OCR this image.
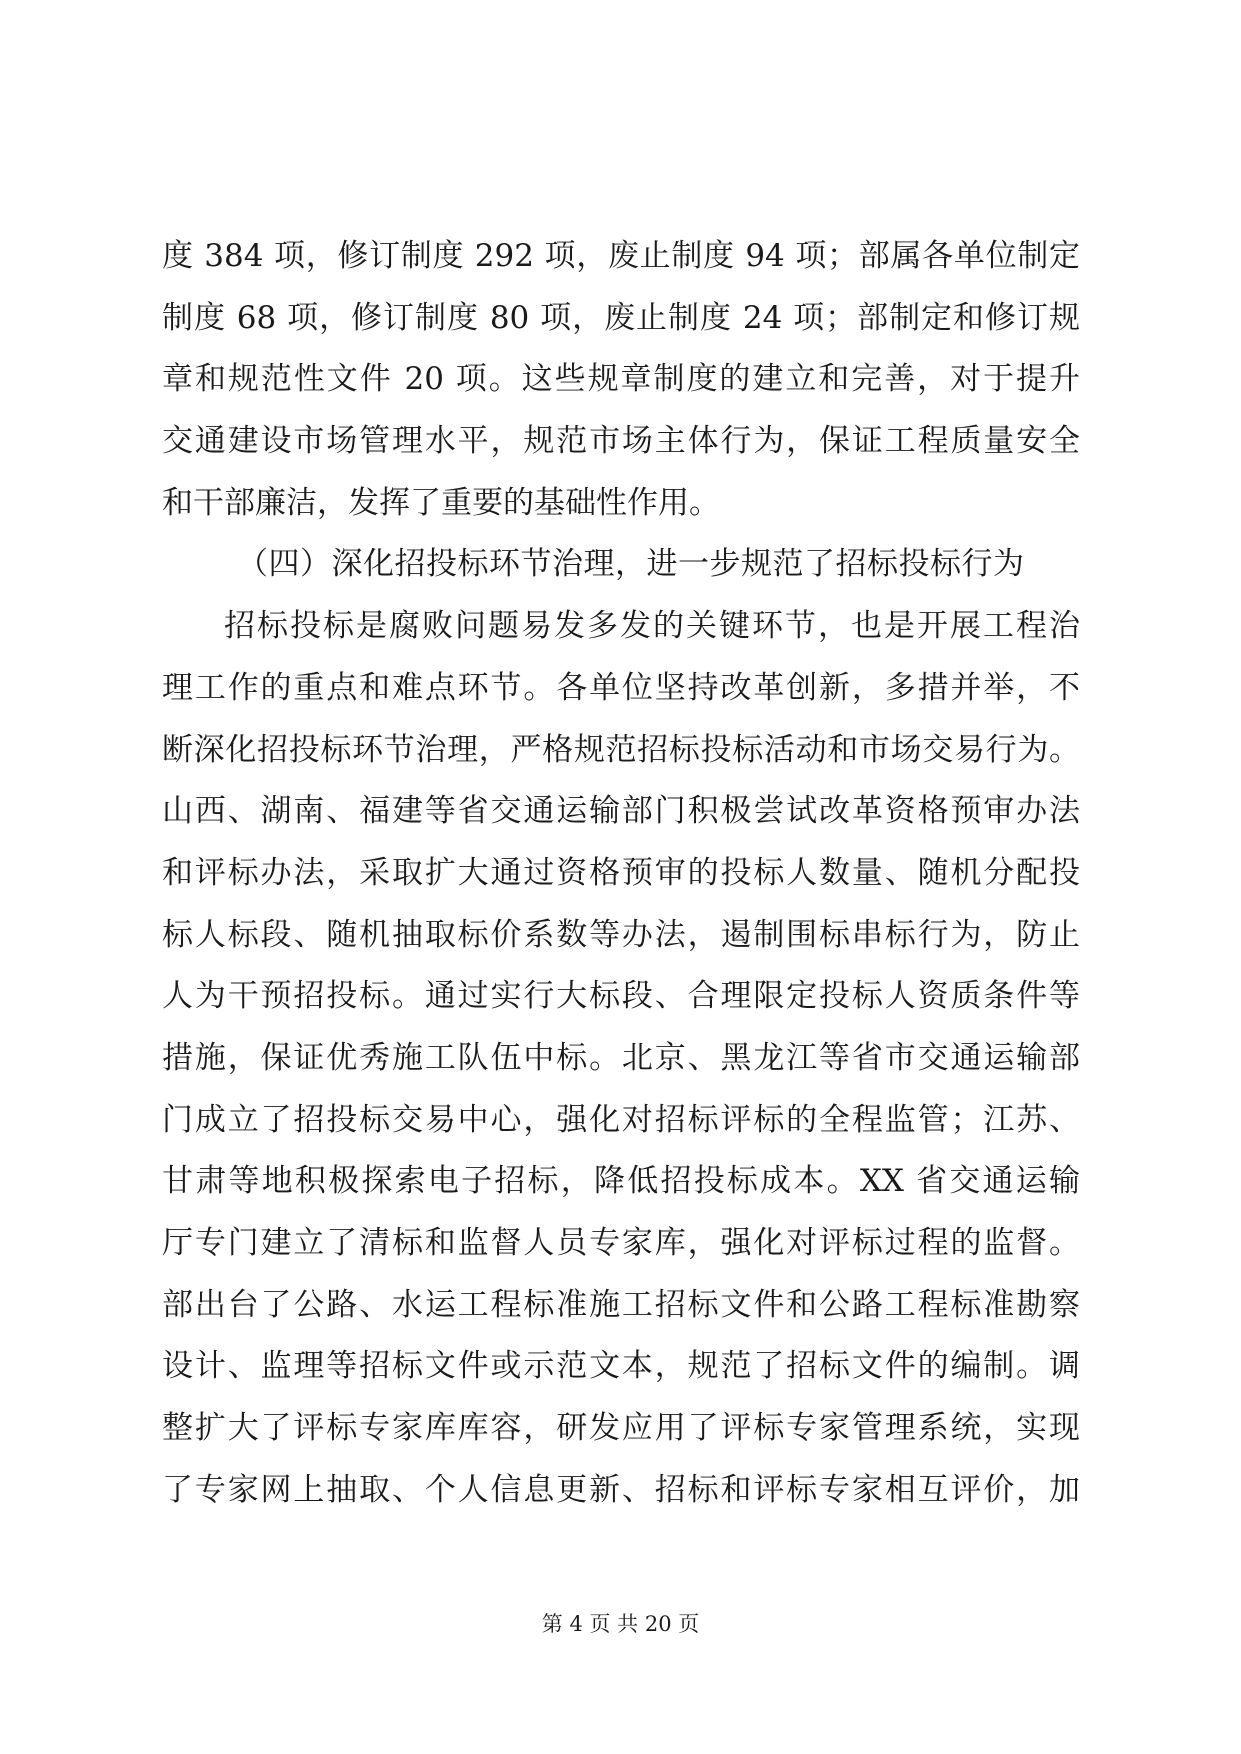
度 384 项，修订制度 292 项，废止制度 94 项；部属各单位制定
制度 68 项，修订制度 80 项，废止制度 24 项；部制定和修订规
章和规范性文件 20 项。这些规章制度的建立和完善，对于提升
交通建设市场管理水平，规范市场主体行为，保证工程质量安全
和干部廉洁，发挥了重要的基础性作用。
（四）深化招投标环节治理，进一步规范了招标投标行为
招标投标是腐败问题易发多发的关键环节，也是开展工程治
理工作的重点和难点环节。各单位坚持改革创新，多措并举，不
断深化招投标环节治理，严格规范招标投标活动和市场交易行为。
山西、湖南、福建等省交通运输部门积极尝试改革资格预审办法
和评标办法，采取扩大通过资格预审的投标人数量、随机分配投
标人标段、随机抽取标价系数等办法，遏制围标串标行为，防止
人为干预招投标。通过实行大标段、合理限定投标人资质条件等
措施，保证优秀施工队伍中标。北京、黑龙江等省市交通运输部
门成立了招投标交易中心，强化对招标评标的全程监管；江苏、
甘肃等地积极探索电子招标，降低招投标成本。XX 省交通运输
厅专门建立了清标和监督人员专家库，强化对评标过程的监督。
部出台了公路、水运工程标准施工招标文件和公路工程标准勘察
设计、监理等招标文件或示范文本，规范了招标文件的编制。调
整扩大了评标专家库库容，研发应用了评标专家管理系统，实现
了专家网上抽取、个人信息更新、招标和评标专家相互评价，加
第 4 页 共 20 页
